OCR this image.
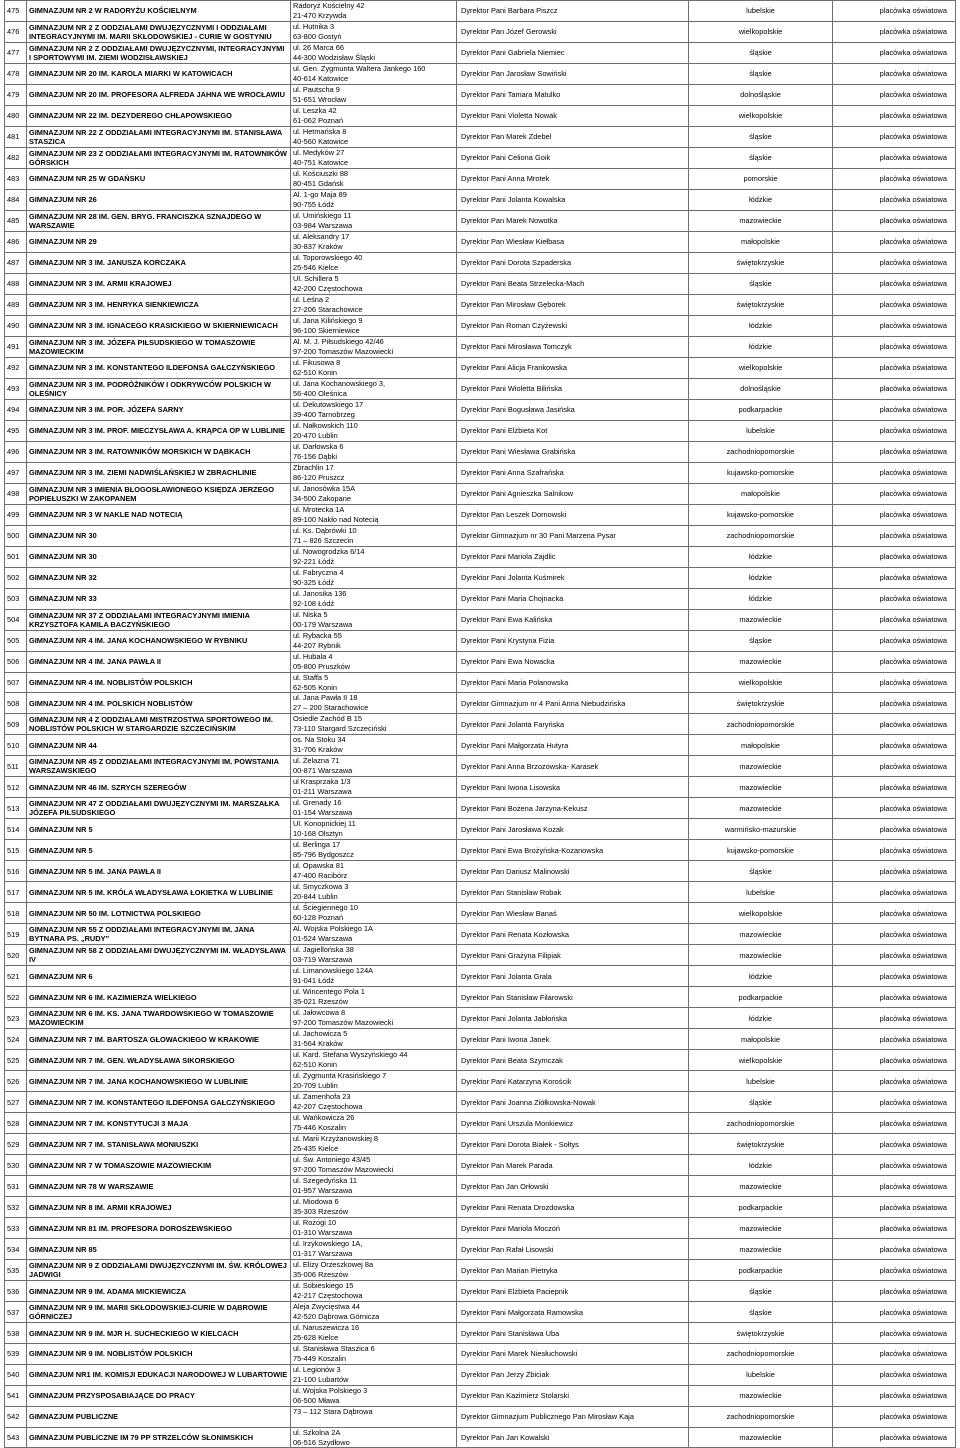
475	GIMNAZJUM NR 2 W RADORYŻU KOŚCIELNYM
Radoryż Kościelny 42
21-470 Krzywda
Dyrektor Pani Barbara Piszcz	lubelskie	placówka oświatowa
476	GIMNAZJUM NR 2 Z ODDZIAŁAMI DWUJĘZYCZNYMI I ODDZIAŁAMI INTEGRACYJNYMI IM. MARII SKŁODOWSKIEJ - CURIE W GOSTYNIU
ul. Hutnika 3
63-800 Gostyń
Dyrektor Pan Józef Gerowski	wielkopolskie	placówka oświatowa
477	GIMNAZJUM NR 2 Z ODDZIAŁAMI DWUJĘZYCZNYMI, INTEGRACYJNYMI I SPORTOWYMI IM. ZIEMI WODZISŁAWSKIEJ
ul. 26 Marca 66
44-300 Wodzisław Śląski
Dyrektor Pani Gabriela Niemiec	śląskie	placówka oświatowa
478	GIMNAZJUM NR 20 IM. KAROLA MIARKI W KATOWICACH
ul. Gen. Zygmunta Waltera Jankego 160
40-614 Katowice
Dyrektor Pan Jarosław Sowiński	śląskie	placówka oświatowa
479	GIMNAZJUM NR 20 IM. PROFESORA ALFREDA JAHNA WE WROCŁAWIU
ul. Pautscha 9
51-651 Wrocław
Dyrektor Pani Tamara Matulko	dolnośląskie	placówka oświatowa
480	GIMNAZJUM NR 22 IM. DEZYDEREGO CHŁAPOWSKIEGO
ul. Leszka 42
61-062 Poznań
Dyrektor Pani Violetta Nowak	wielkopolskie	placówka oświatowa
481	GIMNAZJUM NR 22 Z ODDZIAŁAMI INTEGRACYJNYMI IM. STANISŁAWA STASZICA
ul. Hetmańska 8
40-560 Katowice
Dyrektor Pan Marek Zdebel	śląskie	placówka oświatowa
482	GIMNAZJUM NR 23 Z ODDZIAŁAMI INTEGRACYJNYMI IM. RATOWNIKÓW GÓRSKICH
ul. Medyków 27
40-751 Katowice
Dyrektor Pani Celiona Goik	śląskie	placówka oświatowa
483	GIMNAZJUM NR 25 W GDAŃSKU
ul. Kościuszki 88
80-451 Gdańsk
Dyrektor Pani Anna Mrotek	pomorskie	placówka oświatowa
484	GIMNAZJUM NR 26
Al. 1-go Maja 89
90-755 Łódź
Dyrektor Pani Jolanta Kowalska	łódzkie	placówka oświatowa
485	GIMNAZJUM NR 28 IM. GEN. BRYG. FRANCISZKA SZNAJDEGO W WARSZAWIE
ul. Umińskiego 11
03-984 Warszawa
Dyrektor Pan Marek Nowotka	mazowieckie	placówka oświatowa
486	GIMNAZJUM NR 29
ul. Aleksandry 17
30-837 Kraków
Dyrektor Pan Wiesław Kiełbasa	małopolskie	placówka oświatowa
487	GIMNAZJUM NR 3 IM. JANUSZA KORCZAKA
ul. Toporowskiego 40
25-546 Kielce
Dyrektor Pani Dorota Szpaderska	świętokrzyskie	placówka oświatowa
488	GIMNAZJUM NR 3 IM. ARMII KRAJOWEJ
Ul. Schillera 5
42-200 Częstochowa
Dyrektor Pani Beata Strzelecka-Mach	śląskie	placówka oświatowa
489	GIMNAZJUM NR 3 IM. HENRYKA SIENKIEWICZA
ul. Leśna 2
27-206 Starachowice
Dyrektor Pan Mirosław Gęborek	świętokrzyskie	placówka oświatowa
490	GIMNAZJUM NR 3 IM. IGNACEGO KRASICKIEGO W SKIERNIEWICACH
ul. Jana Kilińskiego 9
96-100 Skierniewice
Dyrektor Pan Roman Czyżewski	łódzkie	placówka oświatowa
491	GIMNAZJUM NR 3 IM. JÓZEFA PIŁSUDSKIEGO W TOMASZOWIE MAZOWIECKIM
Al. M. J. Piłsudskiego 42/46
97-200 Tomaszów Mazowiecki
Dyrektor Pani Mirosława Tomczyk	łódzkie	placówka oświatowa
492	GIMNAZJUM NR 3 IM. KONSTANTEGO ILDEFONSA GAŁCZYŃSKIEGO
ul. Fikusowa 8
62-510 Konin
Dyrektor Pani Alicja Frankowska	wielkopolskie	placówka oświatowa
493	GIMNAZJUM NR 3 IM. PODRÓŻNIKÓW I ODKRYWCÓW POLSKICH W OLEŚNICY
ul. Jana Kochanowskiego 3,
56-400 Oleśnica
Dyrektor Pani Wioletta Bilińska	dolnośląskie	placówka oświatowa
494	GIMNAZJUM NR 3 IM. POR. JÓZEFA SARNY
ul. Dekutowskiego 17
39-400 Tarnobrzeg
Dyrektor Pani Bogusława Jasińska	podkarpackie	placówka oświatowa
495	GIMNAZJUM NR 3 IM. PROF. MIECZYSŁAWA A. KRĄPCA OP W LUBLINIE
ul. Nałkowskich 110
20-470 Lublin
Dyrektor Pani Elżbieta Kot	lubelskie	placówka oświatowa
496	GIMNAZJUM NR 3 IM. RATOWNIKÓW MORSKICH W DĄBKACH
ul. Darłowska 6
76-156 Dąbki
Dyrektor Pani Wiesława Grabińska	zachodniopomorskie	placówka oświatowa
497	GIMNAZJUM NR 3 IM. ZIEMI NADWIŚLAŃSKIEJ W ZBRACHLINIE
Zbrachlin 17
86-120 Pruszcz
Dyrektor Pani Anna Szafrańska	kujawsko-pomorskie	placówka oświatowa
498	GIMNAZJUM NR 3 IMIENIA BŁOGOSŁAWIONEGO KSIĘDZA JERZEGO POPIEŁUSZKI W ZAKOPANEM
ul. Janosówka 15A
34-500 Zakopane
Dyrektor Pani Agnieszka Salnikow	małopolskie	placówka oświatowa
499	GIMNAZJUM NR 3 W NAKLE NAD NOTECIĄ
ul. Mrotecka 1A
89-100 Nakło nad Notecią
Dyrektor Pan Leszek Dornowski	kujawsko-pomorskie	placówka oświatowa
500	GIMNAZJUM NR 30
ul. Ks. Dąbrówki 10
71 – 826 Szczecin
Dyrektor Gimnazjum nr 30 Pani Marzena Pysar	zachodniopomorskie	placówka oświatowa
501	GIMNAZJUM NR 30
ul. Nowogrodzka 6/14
92-221 Łódź
Dyrektor Pani Mariola Zajdlic	łódzkie	placówka oświatowa
502	GIMNAZJUM NR 32
ul. Fabryczna 4
90-325 Łódź
Dyrektor Pani Jolanta Kuśmirek	łódzkie	placówka oświatowa
503	GIMNAZJUM NR 33
ul. Janosika 136
92-108 Łódź
Dyrektor Pani Maria Chojnacka	łódzkie	placówka oświatowa
504	GIMNAZJUM NR 37 Z ODDZIAŁAMI INTEGRACYJNYMI IMIENIA KRZYSZTOFA KAMILA BACZYŃSKIEGO
ul. Niska 5
00-179 Warszawa
Dyrektor Pani Ewa Kalińska	mazowieckie	placówka oświatowa
505	GIMNAZJUM NR 4 IM. JANA KOCHANOWSKIEGO W RYBNIKU
ul. Rybacka 55
44-207 Rybnik
Dyrektor Pani Krystyna Fizia	śląskie	placówka oświatowa
506	GIMNAZJUM NR 4 IM. JANA PAWŁA II
ul. Hubala 4
05-800 Pruszków
Dyrektor Pani Ewa Nowacka	mazowieckie	placówka oświatowa
507	GIMNAZJUM NR 4 IM. NOBLISTÓW POLSKICH
ul. Staffa 5
62-505 Konin
Dyrektor Pani Maria Polanowska	wielkopolskie	placówka oświatowa
508	GIMNAZJUM NR 4 IM. POLSKICH NOBLISTÓW
ul. Jana Pawła II 18
27 – 200 Starachowice
Dyrektor Gimnazjum nr 4 Pani Anna Niebudzińska	świętokrzyskie	placówka oświatowa
509	GIMNAZJUM NR 4 Z ODDZIAŁAMI MISTRZOSTWA SPORTOWEGO IM. NOBLISTÓW POLSKICH W STARGARDZIE SZCZECIŃSKIM
Osiedle Zachód B 15
73-110 Stargard Szczeciński
Dyrektor Pani Jolanta Faryńska	zachodniopomorskie	placówka oświatowa
510	GIMNAZJUM NR 44
os. Na Stoku 34
31-706 Kraków
Dyrektor Pani Małgorzata Hutyra	małopolskie	placówka oświatowa
511	GIMNAZJUM NR 45 Z ODDZIAŁAMI INTEGRACYJNYMI IM. POWSTANIA WARSZAWSKIEGO
ul. Żelazna 71
00-871 Warszawa
Dyrektor Pani Anna Brzozowska- Karasek	mazowieckie	placówka oświatowa
512	GIMNAZJUM NR 46 IM. SZRYCH SZEREGÓW
ul Krasprzaka 1/3
01-211 Warszawa
Dyrektor Pani Iwona Lisowska	mazowieckie	placówka oświatowa
513	GIMNAZJUM NR 47 Z ODDZIAŁAMI DWUJĘZYCZNYMI IM. MARSZAŁKA JÓZEFA PIŁSUDSKIEGO
ul. Grenady 16
01-154 Warszawa
Dyrektor Pani Bożena Jarzyna-Kekusz	mazowieckie	placówka oświatowa
514	GIMNAZJUM NR 5
Ul. Konopnickiej 11
10-168 Olsztyn
Dyrektor Pani Jarosława Kozak	warmińsko-mazurskie	placówka oświatowa
515	GIMNAZJUM NR 5
ul. Berlinga 17
85-796 Bydgoszcz
Dyrektor Pani Ewa Brożyńska-Kozanowska	kujawsko-pomorskie	placówka oświatowa
516	GIMNAZJUM NR 5 IM. JANA PAWŁA II
ul. Opawska 81
47-400 Racibórz
Dyrektor Pan Dariusz Malinowski	śląskie	placówka oświatowa
517	GIMNAZJUM NR 5 IM. KRÓLA WŁADYSŁAWA ŁOKIETKA W LUBLINIE
ul. Smyczkowa 3
20-844 Lublin
Dyrektor Pan Stanisław Robak	lubelskie	placówka oświatowa
518	GIMNAZJUM NR 50 IM. LOTNICTWA POLSKIEGO
ul. Ściegiennego 10
60-128 Poznań
Dyrektor Pan Wiesław Banaś	wielkopolskie	placówka oświatowa
519	GIMNAZJUM NR 55 Z ODDZIAŁAMI INTEGRACYJNYMI IM. JANA BYTNARA PS. „RUDY”
Al. Wojska Polskiego 1A
01-524 Warszawa
Dyrektor Pani Renata Kozłowska	mazowieckie	placówka oświatowa
520	GIMNAZJUM NR 58 Z ODDZIAŁAMI DWUJĘZYCZNYMI IM. WŁADYSŁAWA IV
ul. Jagiellońska 38
03-719 Warszawa
Dyrektor Pani Grażyna Filipiak	mazowieckie	placówka oświatowa
521	GIMNAZJUM NR 6
ul. Limanowskiego 124A
91-041 Łódź
Dyrektor Pani Jolanta Grala	łódzkie	placówka oświatowa
522	GIMNAZJUM NR 6 IM. KAZIMIERZA WIELKIEGO
ul. Wincentego Pola 1
35-021 Rzeszów
Dyrektor Pan Stanisław Filarowski	podkarpackie	placówka oświatowa
523	GIMNAZJUM NR 6 IM. KS. JANA TWARDOWSKIEGO W TOMASZOWIE MAZOWIECKIM
ul. Jałowcowa 8
97-200 Tomaszów Mazowiecki
Dyrektor Pani Jolanta Jabłońska	łódzkie	placówka oświatowa
524	GIMNAZJUM NR 7 IM. BARTOSZA GŁOWACKIEGO W KRAKOWIE
ul. Jachowicza 5
31-564 Kraków
Dyrektor Pani Iwona Janek	małopolskie	placówka oświatowa
525	GIMNAZJUM NR 7 IM. GEN. WŁADYSŁAWA SIKORSKIEGO
ul. Kard. Stefana Wyszyńskiego 44
62-510 Konin
Dyrektor Pani Beata Szymczak	wielkopolskie	placówka oświatowa
526	GIMNAZJUM NR 7 IM. JANA KOCHANOWSKIEGO W LUBLINIE
ul. Zygmunta Krasińskiego 7
20-709 Lublin
Dyrektor Pani Katarzyna Korościk	lubelskie	placówka oświatowa
527	GIMNAZJUM NR 7 IM. KONSTANTEGO ILDEFONSA GAŁCZYŃSKIEGO
ul. Zamenhofa 23
42-207 Częstochowa
Dyrektor Pani Joanna Ziółkowska-Nowak	śląskie	placówka oświatowa
528	GIMNAZJUM NR 7 IM. KONSTYTUCJI 3 MAJA
ul. Wańkowicza 26
75-446 Koszalin
Dyrektor Pani Urszula Monkiewicz	zachodniopomorskie	placówka oświatowa
529	GIMNAZJUM NR 7 IM. STANISŁAWA MONIUSZKI
ul. Marii Krzyżanowskiej 8
25-435 Kielce
Dyrektor Pani Dorota Białek - Sołtys	świętokrzyskie	placówka oświatowa
530	GIMNAZJUM NR 7 W TOMASZOWIE MAZOWIECKIM
ul. Św. Antoniego 43/45
97-200 Tomaszów Mazowiecki
Dyrektor Pan Marek Parada	łódzkie	placówka oświatowa
531	GIMNAZJUM NR 78 W WARSZAWIE
ul. Szegedyńska 11
01-957 Warszawa
Dyrektor Pan Jan Orłowski	mazowieckie	placówka oświatowa
532	GIMNAZJUM NR 8 IM. ARMII KRAJOWEJ
ul. Miodowa 6
35-303 Rzeszów
Dyrektor Pani Renata Drozdowska	podkarpackie	placówka oświatowa
533	GIMNAZJUM NR 81 IM. PROFESORA DOROSZEWSKIEGO
ul. Rożogi 10
01-310 Warszawa
Dyrektor Pani Mariola Moczoń	mazowieckie	placówka oświatowa
534	GIMNAZJUM NR 85
ul. Irzykowskiego 1A,
01-317 Warszawa
Dyrektor Pan Rafał Lisowski	mazowieckie	placówka oświatowa
535	GIMNAZJUM NR 9 Z ODDZIAŁAMI DWUJĘZYCZNYMI IM. ŚW. KRÓLOWEJ JADWIGI
ul. Elizy Orzeszkowej 8a
35-006 Rzeszów
Dyrektor Pan Marian Pietryka	podkarpackie	placówka oświatowa
536	GIMNAZJUM NR 9 IM. ADAMA MICKIEWICZA
ul. Sobieskiego 15
42-217 Częstochowa
Dyrektor Pani Elżbieta Paciepnik	śląskie	placówka oświatowa
537	GIMNAZJUM NR 9 IM. MARII SKŁODOWSKIEJ-CURIE W DĄBROWIE GÓRNICZEJ
Aleja Zwycięstwa 44
42-520 Dąbrowa Górnicza
Dyrektor Pani Małgorzata Ramowska	śląskie	placówka oświatowa
538	GIMNAZJUM NR 9 IM. MJR H. SUCHECKIEGO W KIELCACH
ul. Naruszewicza 16
25-628 Kielce
Dyrektor Pani Stanisława Uba	świętokrzyskie	placówka oświatowa
539	GIMNAZJUM NR 9 IM. NOBLISTÓW POLSKICH
ul. Stanisława Staszica 6
75-449 Koszalin
Dyrektor Pani Marek Niesłuchowski	zachodniopomorskie	placówka oświatowa
540	GIMNAZJUM NR1 IM. KOMISJI EDUKACJI NARODOWEJ W LUBARTOWIE
ul. Legionów 3
21-100 Lubartów
Dyrektor Pan Jerzy Zbiciak	lubelskie	placówka oświatowa
541	GIMNAZJUM PRZYSPOSABIAJĄCE DO PRACY
ul. Wojska Polskiego 3
06-500 Mława
Dyrektor Pan Kazimierz Stolarski	mazowieckie	placówka oświatowa
542	GIMNAZJUM PUBLICZNE
73 – 112 Stara Dąbrowa
Dyrektor Gimnazjum Publicznego Pan Mirosław Kaja	zachodniopomorskie	placówka oświatowa
543	GIMNAZJUM PUBLICZNE IM 79 PP STRZELCÓW SŁONIMSKICH
ul. Szkolna 2A
06-516 Szydłowo
Dyrektor Pan Jan Kowalski	mazowieckie	placówka oświatowa
